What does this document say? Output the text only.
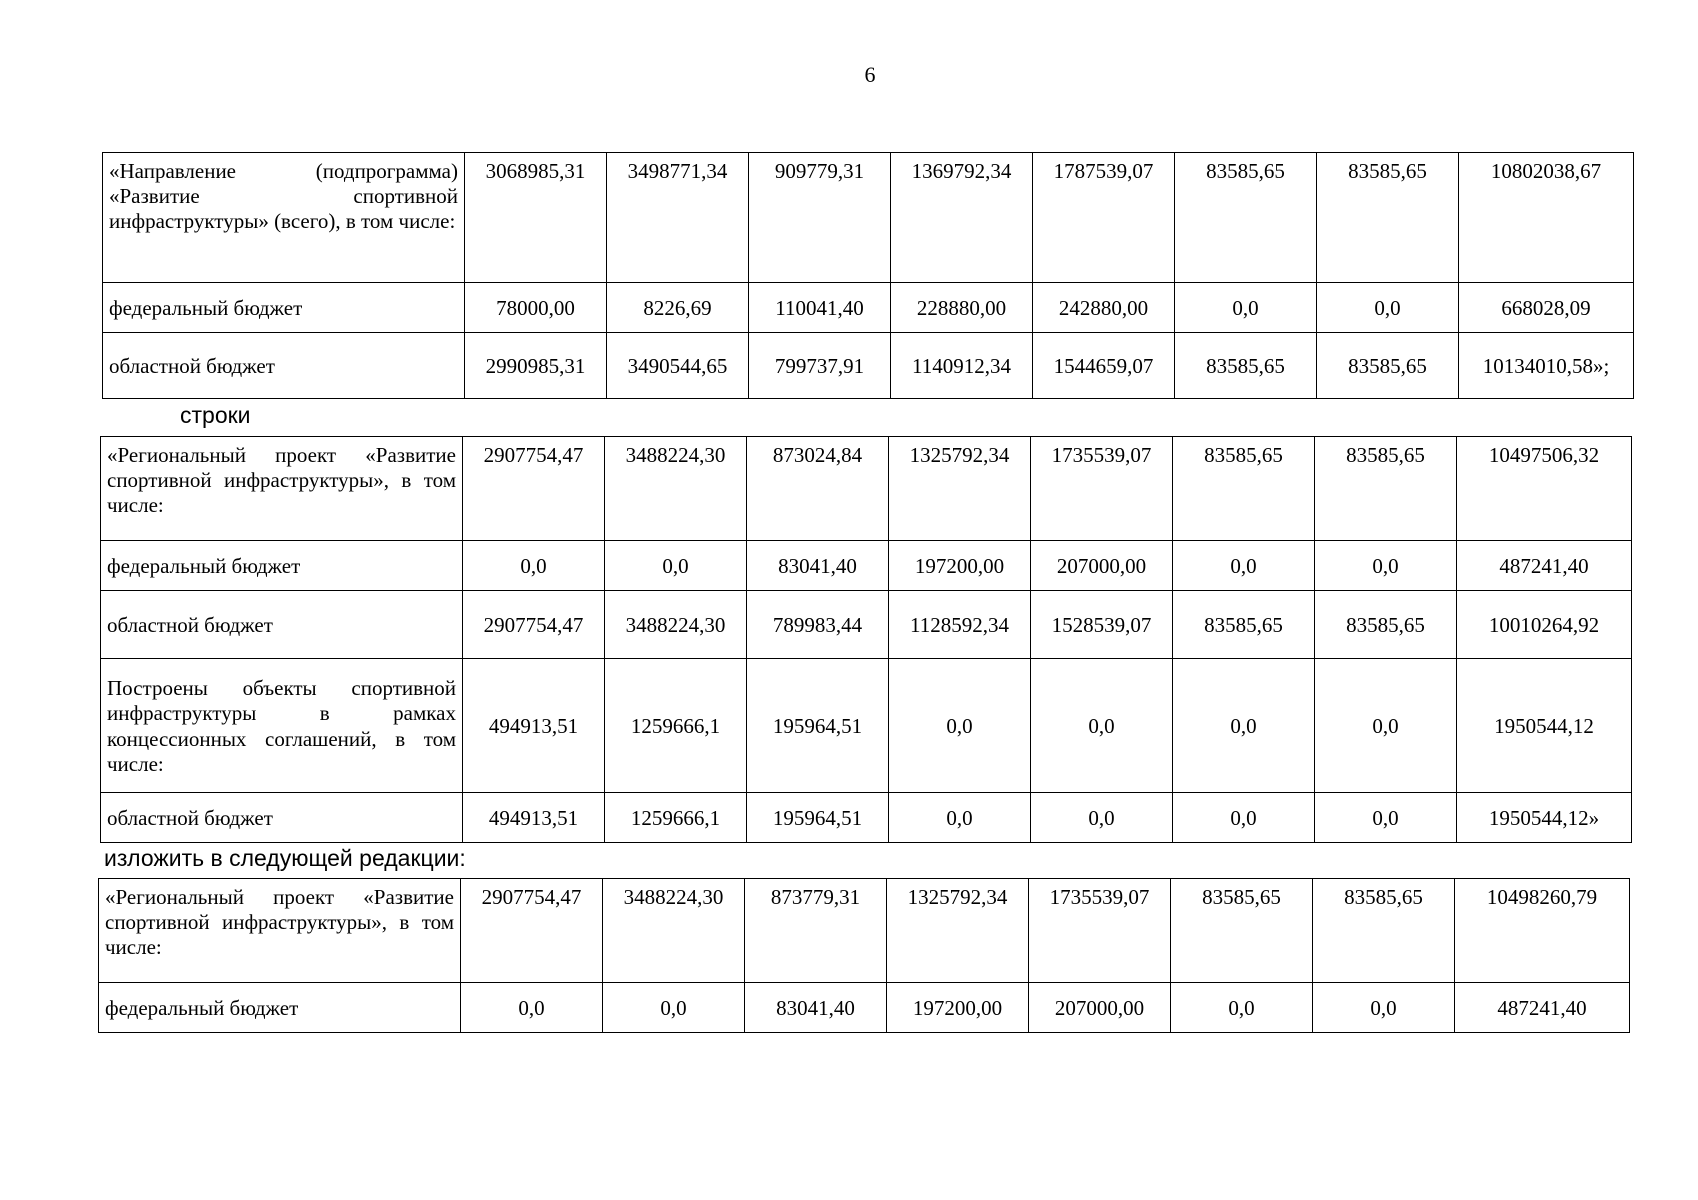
6
«Направление (подпрограмма) «Развитие спортивной инфраструктуры» (всего), в том числе:	3068985,31	3498771,34	909779,31	1369792,34	1787539,07	83585,65	83585,65	10802038,67
федеральный бюджет	78000,00	8226,69	110041,40	228880,00	242880,00	0,0	0,0	668028,09
областной бюджет	2990985,31	3490544,65	799737,91	1140912,34	1544659,07	83585,65	83585,65	10134010,58»;
строки
«Региональный проект «Развитие спортивной инфраструктуры», в том числе:	2907754,47	3488224,30	873024,84	1325792,34	1735539,07	83585,65	83585,65	10497506,32
федеральный бюджет	0,0	0,0	83041,40	197200,00	207000,00	0,0	0,0	487241,40
областной бюджет	2907754,47	3488224,30	789983,44	1128592,34	1528539,07	83585,65	83585,65	10010264,92
Построены объекты спортивной инфраструктуры в рамках концессионных соглашений, в том числе:	494913,51	1259666,1	195964,51	0,0	0,0	0,0	0,0	1950544,12
областной бюджет	494913,51	1259666,1	195964,51	0,0	0,0	0,0	0,0	1950544,12»
изложить в следующей редакции:
«Региональный проект «Развитие спортивной инфраструктуры», в том числе:	2907754,47	3488224,30	873779,31	1325792,34	1735539,07	83585,65	83585,65	10498260,79
федеральный бюджет	0,0	0,0	83041,40	197200,00	207000,00	0,0	0,0	487241,40
